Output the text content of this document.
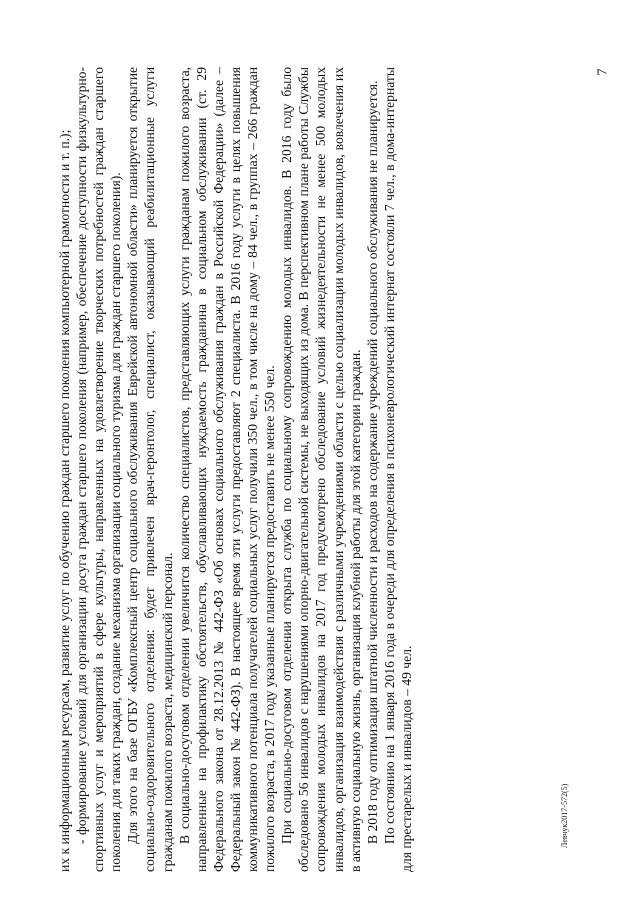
7

их к информационным ресурсам, развитие услуг по обучению граждан старшего поколения компьютерной грамотности и т. п.); - формирование условий для организации досуга граждан старшего поколения (например, обеспечение доступности физкультурно-спортивных услуг и мероприятий в сфере культуры, направленных на удовлетворение творческих потребностей граждан старшего поколения для таких граждан, создание механизма организации социального туризма для граждан старшего поколения). Для этого на базе ОГБУ «Комплексный центр социального обслуживания Еврейской автономной области» планируется открытие социально-оздоровительного отделения: будет привлечен врач-геронтолог, специалист, оказывающий реабилитационные услуги гражданам пожилого возраста, медицинский персонал. В социально-досуговом отделении увеличится количество специалистов, представляющих услуги гражданам пожилого возраста, направленные на профилактику обстоятельств, обуславливающих нуждаемость гражданина в социальном обслуживании (ст. 29 Федерального закона от 28.12.2013 № 442-ФЗ «Об основах социального обслуживания граждан в Российской Федерации» (далее – Федеральный закон № 442-ФЗ). В настоящее время эти услуги предоставляют 2 специалиста. В 2016 году услуги в целях повышения коммуникативного потенциала получателей социальных услуг получили 350 чел., в том числе на дому – 84 чел., в группах – 266 граждан пожилого возраста, в 2017 году указанные планируется предоставить не менее 550 чел. При социально-досуговом отделении открыта служба по социальному сопровождению молодых инвалидов. В 2016 году было обследовано 56 инвалидов с нарушениями опорно-двигательной системы, не выходящих из дома. В перспективном плане работы Службы сопровождения молодых инвалидов на 2017 год предусмотрено обследование условий жизнедеятельности не менее 500 молодых инвалидов, организация взаимодействия с различными учреждениями области с целью социализации молодых инвалидов, вовлечения их в активную социальную жизнь, организация клубной работы для этой категории граждан. В 2018 году оптимизация штатной численности и расходов на содержание учреждений социального обслуживания не планируется. По состоянию на 1 января 2016 года в очереди для определения в психоневрологический интернат состояли 7 чел., в дома-интернаты для престарелых и инвалидов – 49 чел.	Левчук2017-572(5)
